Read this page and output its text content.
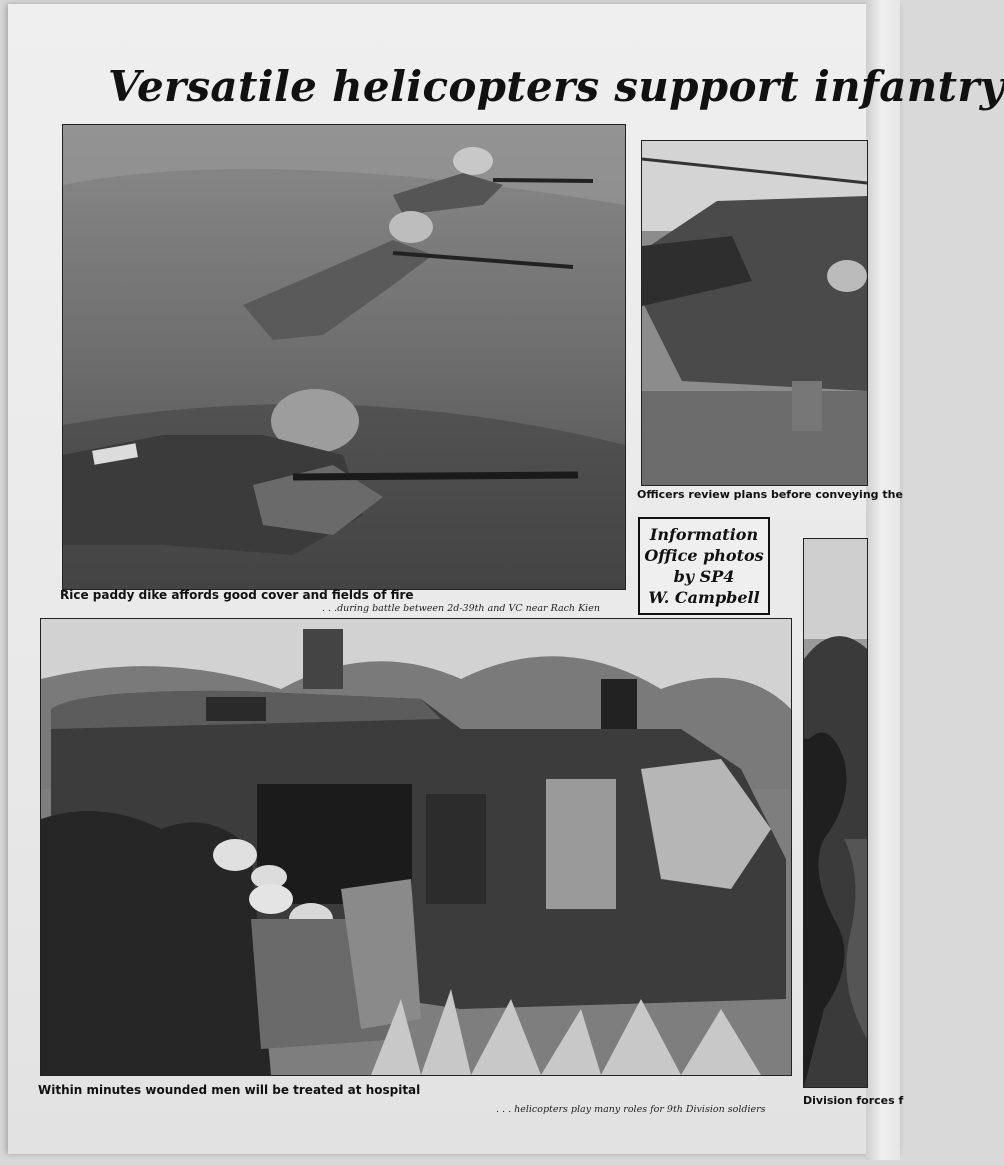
Versatile helicopters support infantry

Rice paddy dike affords good cover and fields of fire

. . .during battle between 2d-39th and VC near Rach Kien

Officers review plans before conveying the

Information
Office photos
by SP4
W. Campbell

Within minutes wounded men will be treated at hospital

. . . helicopters play many roles for 9th Division soldiers

Division forces f
